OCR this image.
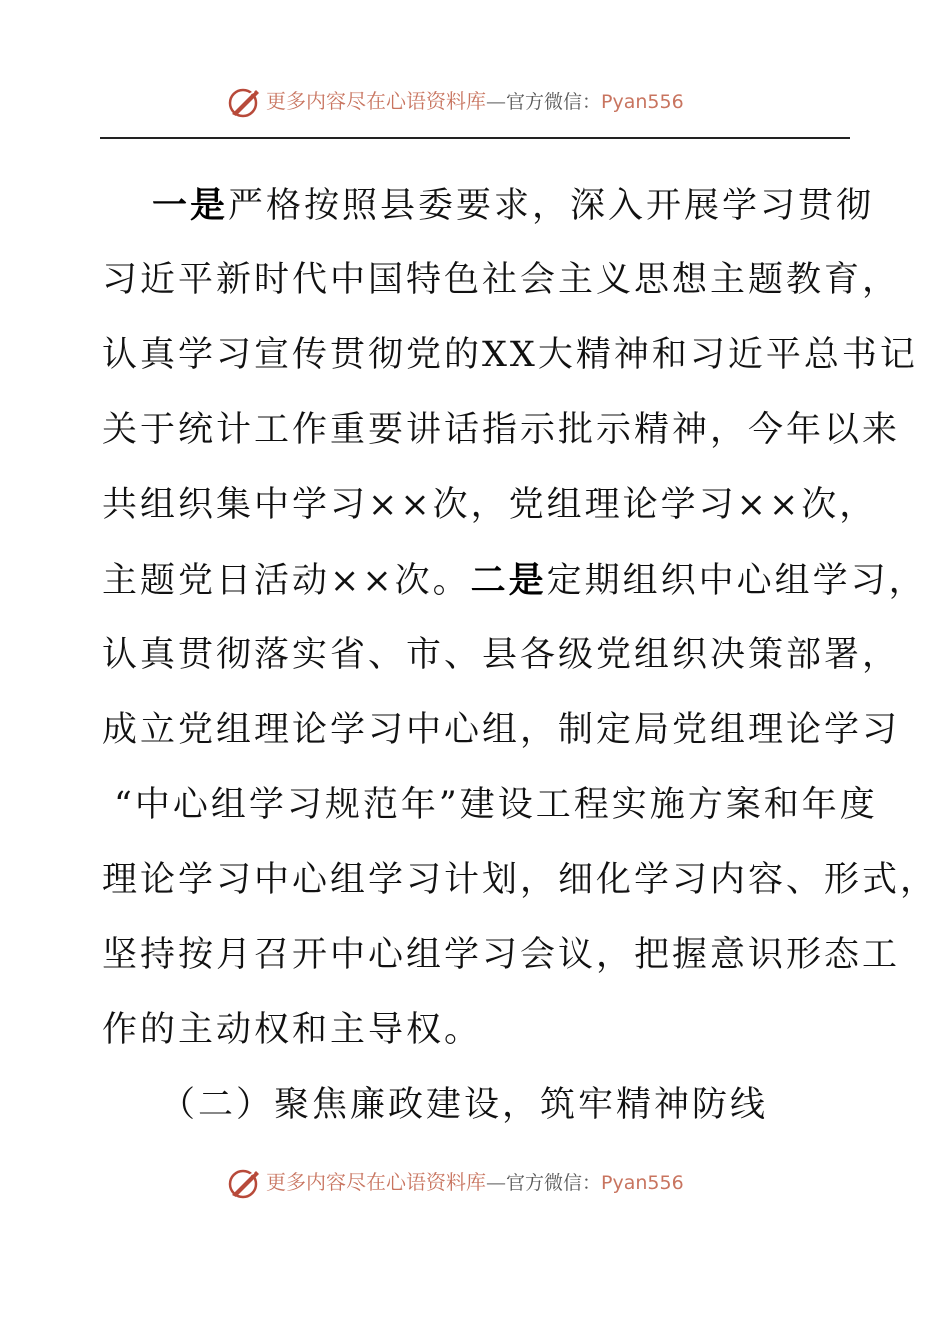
更多内容尽在心语资料库—官方微信：Pyan556
一是严格按照县委要求，深入开展学习贯彻
习近平新时代中国特色社会主义思想主题教育，
认真学习宣传贯彻党的XX大精神和习近平总书记
关于统计工作重要讲话指示批示精神，今年以来
共组织集中学习××次，党组理论学习××次，
主题党日活动××次。二是定期组织中心组学习，
认真贯彻落实省、市、县各级党组织决策部署，
成立党组理论学习中心组，制定局党组理论学习
“中心组学习规范年”建设工程实施方案和年度
理论学习中心组学习计划，细化学习内容、形式，
坚持按月召开中心组学习会议，把握意识形态工
作的主动权和主导权。
（二）聚焦廉政建设，筑牢精神防线
更多内容尽在心语资料库—官方微信：Pyan556
